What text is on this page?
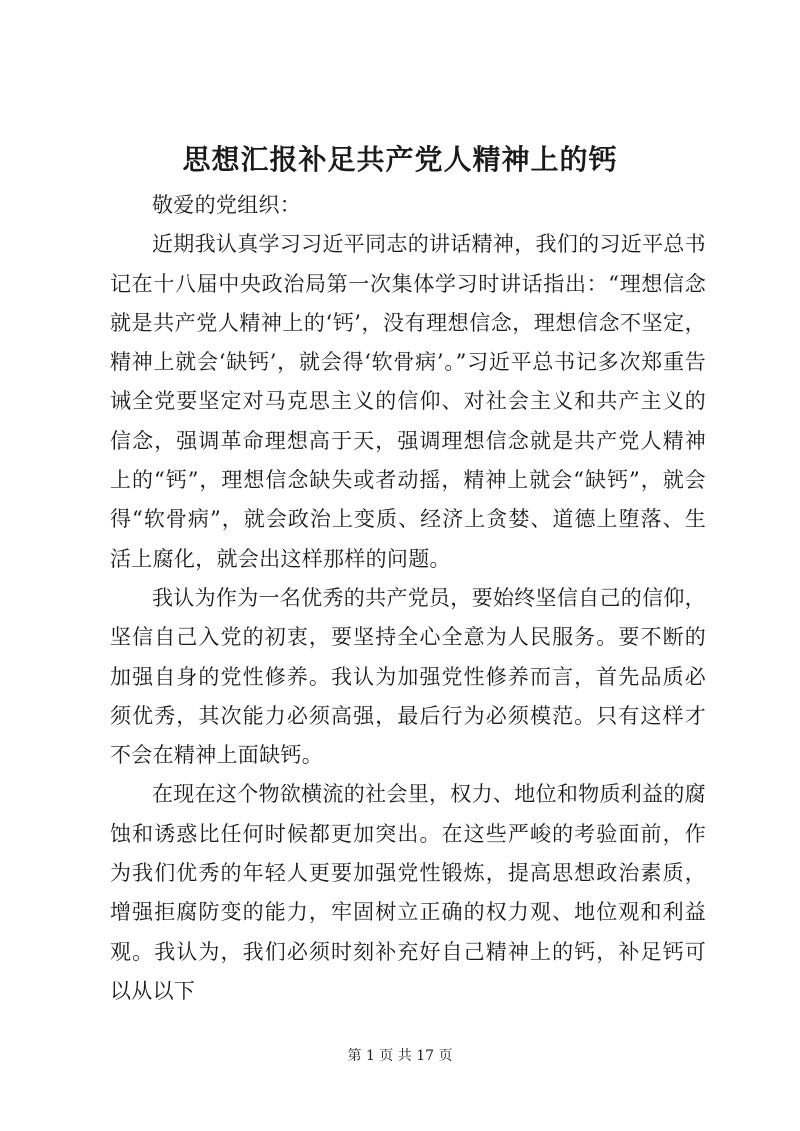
思想汇报补足共产党人精神上的钙

敬爱的党组织：

近期我认真学习习近平同志的讲话精神，我们的习近平总书记在十八届中央政治局第一次集体学习时讲话指出：“理想信念就是共产党人精神上的‘钙’，没有理想信念，理想信念不坚定，精神上就会‘缺钙’，就会得‘软骨病’。”习近平总书记多次郑重告诫全党要坚定对马克思主义的信仰、对社会主义和共产主义的信念，强调革命理想高于天，强调理想信念就是共产党人精神上的“钙”，理想信念缺失或者动摇，精神上就会“缺钙”，就会得“软骨病”，就会政治上变质、经济上贪婪、道德上堕落、生活上腐化，就会出这样那样的问题。

我认为作为一名优秀的共产党员，要始终坚信自己的信仰，坚信自己入党的初衷，要坚持全心全意为人民服务。要不断的加强自身的党性修养。我认为加强党性修养而言，首先品质必须优秀，其次能力必须高强，最后行为必须模范。只有这样才不会在精神上面缺钙。

在现在这个物欲横流的社会里，权力、地位和物质利益的腐蚀和诱惑比任何时候都更加突出。在这些严峻的考验面前，作为我们优秀的年轻人更要加强党性锻炼，提高思想政治素质，增强拒腐防变的能力，牢固树立正确的权力观、地位观和利益观。我认为，我们必须时刻补充好自己精神上的钙，补足钙可以从以下

第 1 页 共 17 页
